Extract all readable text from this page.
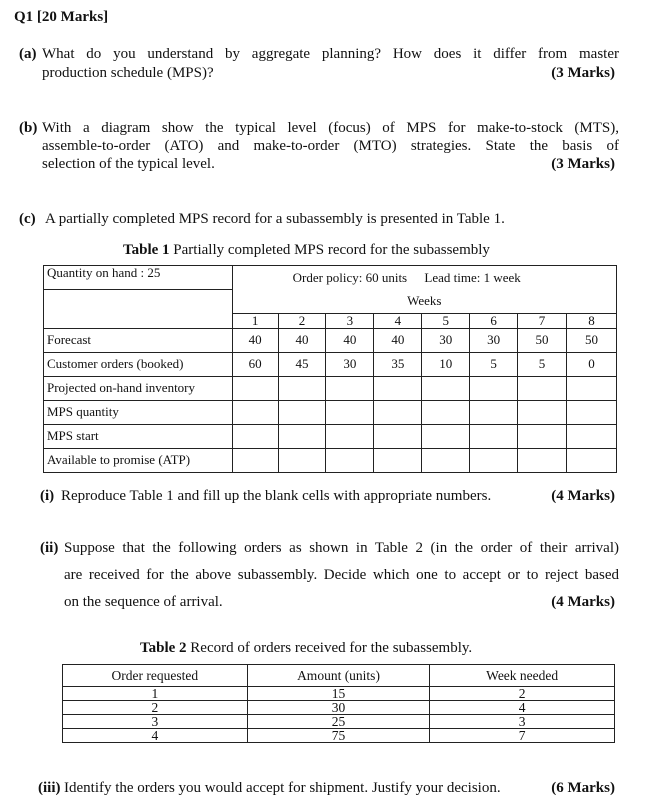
Q1 [20 Marks]
(a) What do you understand by aggregate planning? How does it differ from master
production schedule (MPS)?	(3 Marks)
(b) With a diagram show the typical level (focus) of MPS for make-to-stock (MTS),
assemble-to-order (ATO) and make-to-order (MTO) strategies. State the basis of
selection of the typical level.	(3 Marks)
(c) A partially completed MPS record for a subassembly is presented in Table 1.
Table 1 Partially completed MPS record for the subassembly
Quantity on hand : 25	Order policy: 60 units Lead time: 1 week							
	Weeks							
	1	2	3	4	5	6	7	8
Forecast	40	40	40	40	30	30	50	50
Customer orders (booked)	60	45	30	35	10	5	5	0
Projected on-hand inventory								
MPS quantity								
MPS start								
Available to promise (ATP)								
(i) Reproduce Table 1 and fill up the blank cells with appropriate numbers.	(4 Marks)
(ii) Suppose that the following orders as shown in Table 2 (in the order of their arrival)
are received for the above subassembly. Decide which one to accept or to reject based
on the sequence of arrival.	(4 Marks)
Table 2 Record of orders received for the subassembly.
Order requested	Amount (units)	Week needed
1	15	2
2	30	4
3	25	3
4	75	7
(iii) Identify the orders you would accept for shipment. Justify your decision.	(6 Marks)
